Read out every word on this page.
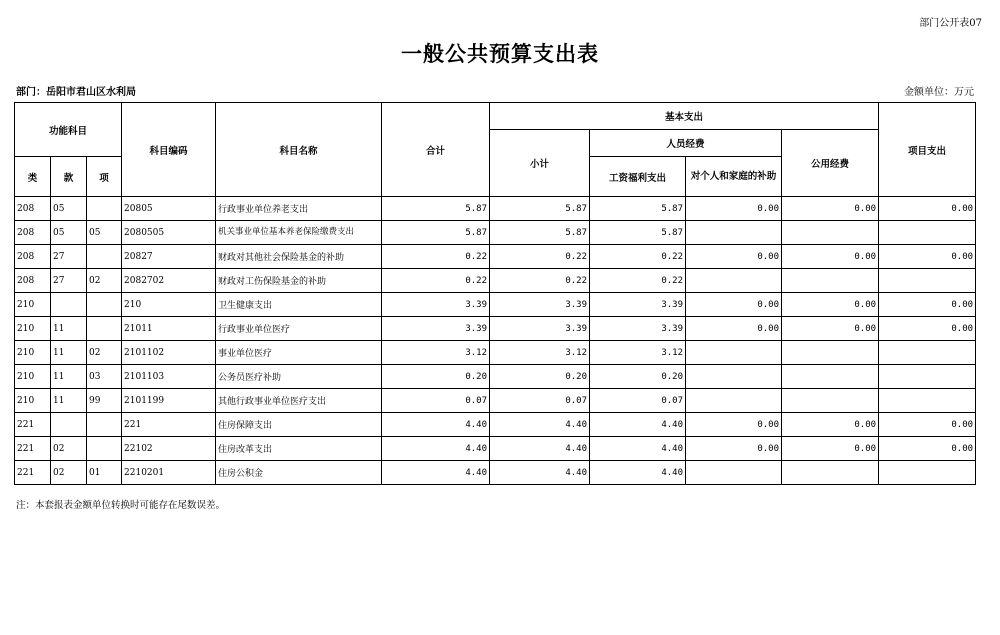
部门公开表07
一般公共预算支出表
部门：岳阳市君山区水利局	金额单位：万元
功能科目			科目编码	科目名称	合计	基本支出				项目支出
						小计	人员经费		公用经费	
类	款	项					工资福利支出	对个人和家庭的补助		

208	05		20805	行政事业单位养老支出	5.87	5.87	5.87	0.00	0.00	0.00
208	05	05	2080505	机关事业单位基本养老保险缴费支出	5.87	5.87	5.87			
208	27		20827	财政对其他社会保险基金的补助	0.22	0.22	0.22	0.00	0.00	0.00
208	27	02	2082702	财政对工伤保险基金的补助	0.22	0.22	0.22			
210			210	卫生健康支出	3.39	3.39	3.39	0.00	0.00	0.00
210	11		21011	行政事业单位医疗	3.39	3.39	3.39	0.00	0.00	0.00
210	11	02	2101102	事业单位医疗	3.12	3.12	3.12			
210	11	03	2101103	公务员医疗补助	0.20	0.20	0.20			
210	11	99	2101199	其他行政事业单位医疗支出	0.07	0.07	0.07			
221			221	住房保障支出	4.40	4.40	4.40	0.00	0.00	0.00
221	02		22102	住房改革支出	4.40	4.40	4.40	0.00	0.00	0.00
221	02	01	2210201	住房公积金	4.40	4.40	4.40			
注：本套报表金额单位转换时可能存在尾数误差。
